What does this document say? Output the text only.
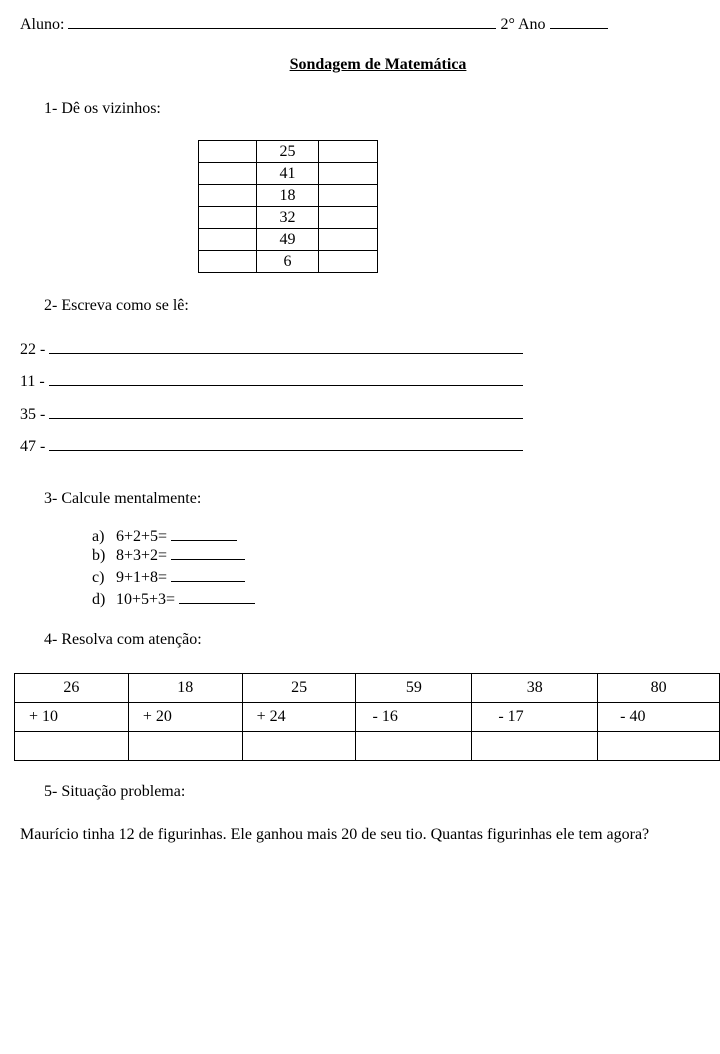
Aluno:	2° Ano
Sondagem de Matemática
1- Dê os vizinhos:
	25	
	41	
	18	
	32	
	49	
	6	
2- Escreva como se lê:
22 -
11 -
35 -
47 -
3- Calcule mentalmente:
a) 6+2+5=
b) 8+3+2=
c) 9+1+8=
d) 10+5+3=
4- Resolva com atenção:
26	18	25	59	38	80
+ 10	+ 20	+ 24	- 16	- 17	- 40

5- Situação problema:
Maurício tinha 12 de figurinhas. Ele ganhou mais 20 de seu tio. Quantas figurinhas ele tem agora?
